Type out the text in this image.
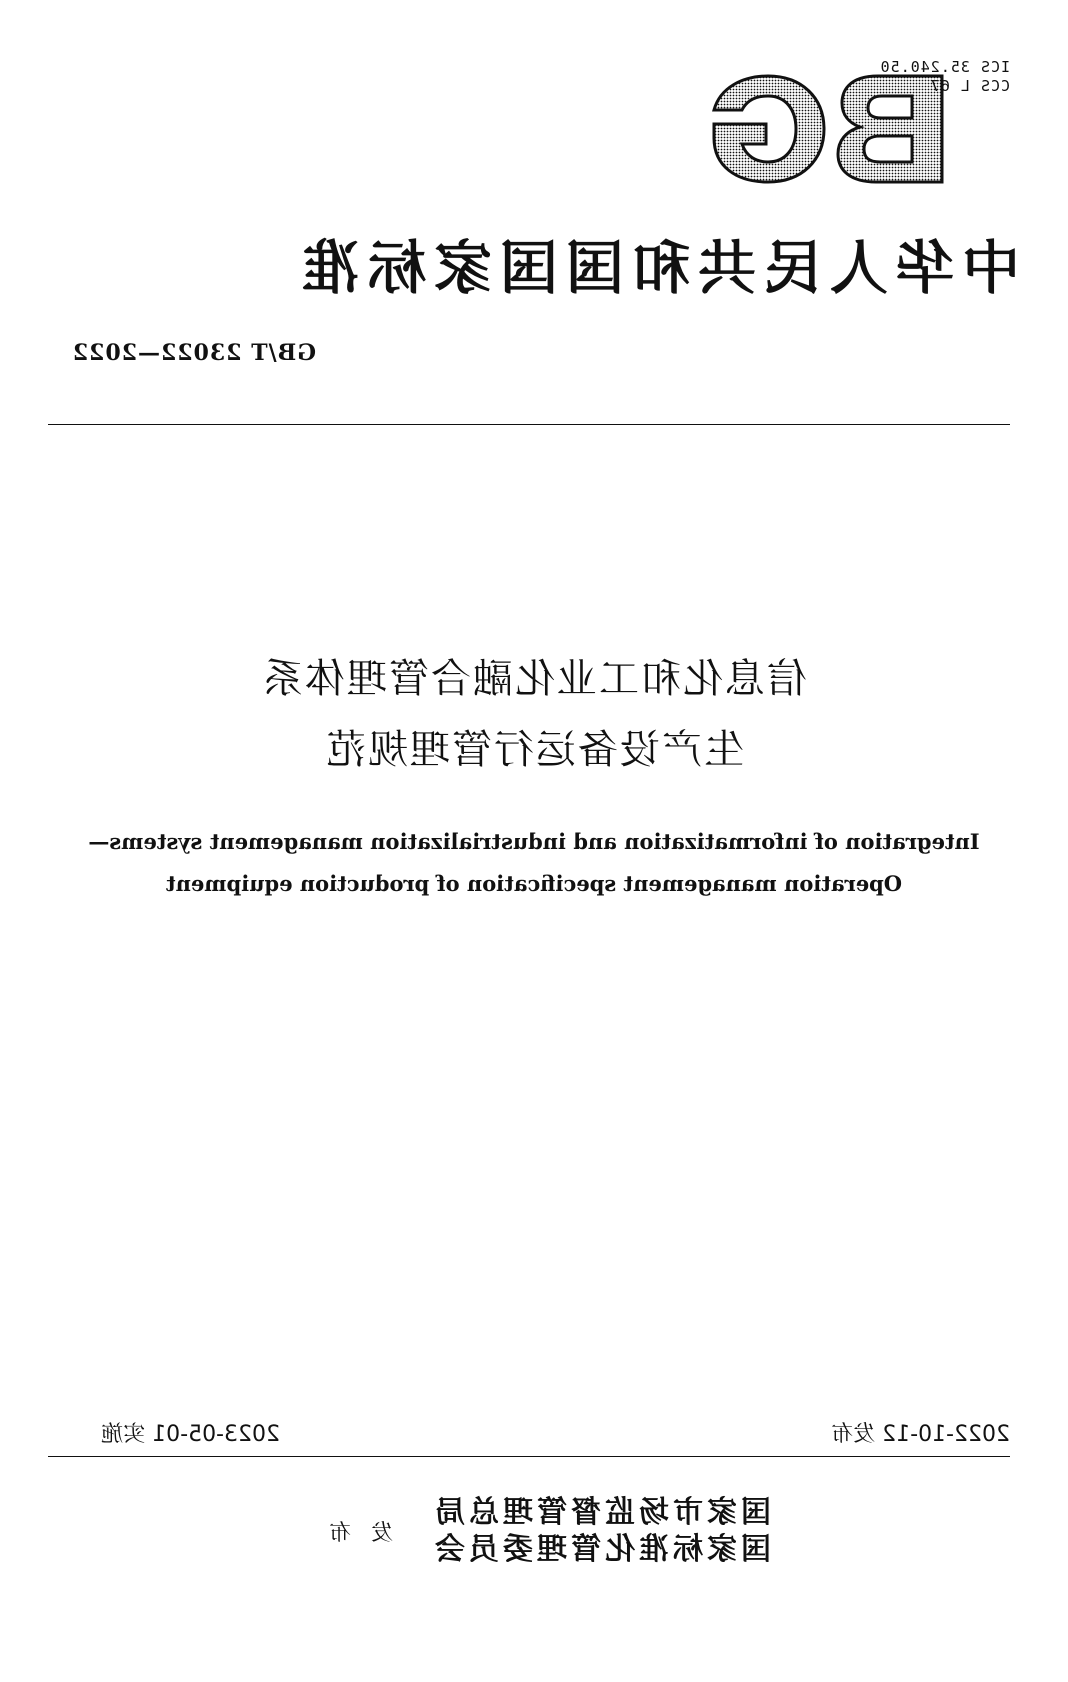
GB
ICS 35.240.50
CCS L 67
中华人民共和国国家标准
GB/T 23022—2022
信息化和工业化融合管理体系
生产设备运行管理规范
Integration of informatization and industrialization management systems—
Operation management specification of production equipment
2022-10-12 发布
2023-05-01 实施
国家市场监督管理总局
国家标准化管理委员会
发布
